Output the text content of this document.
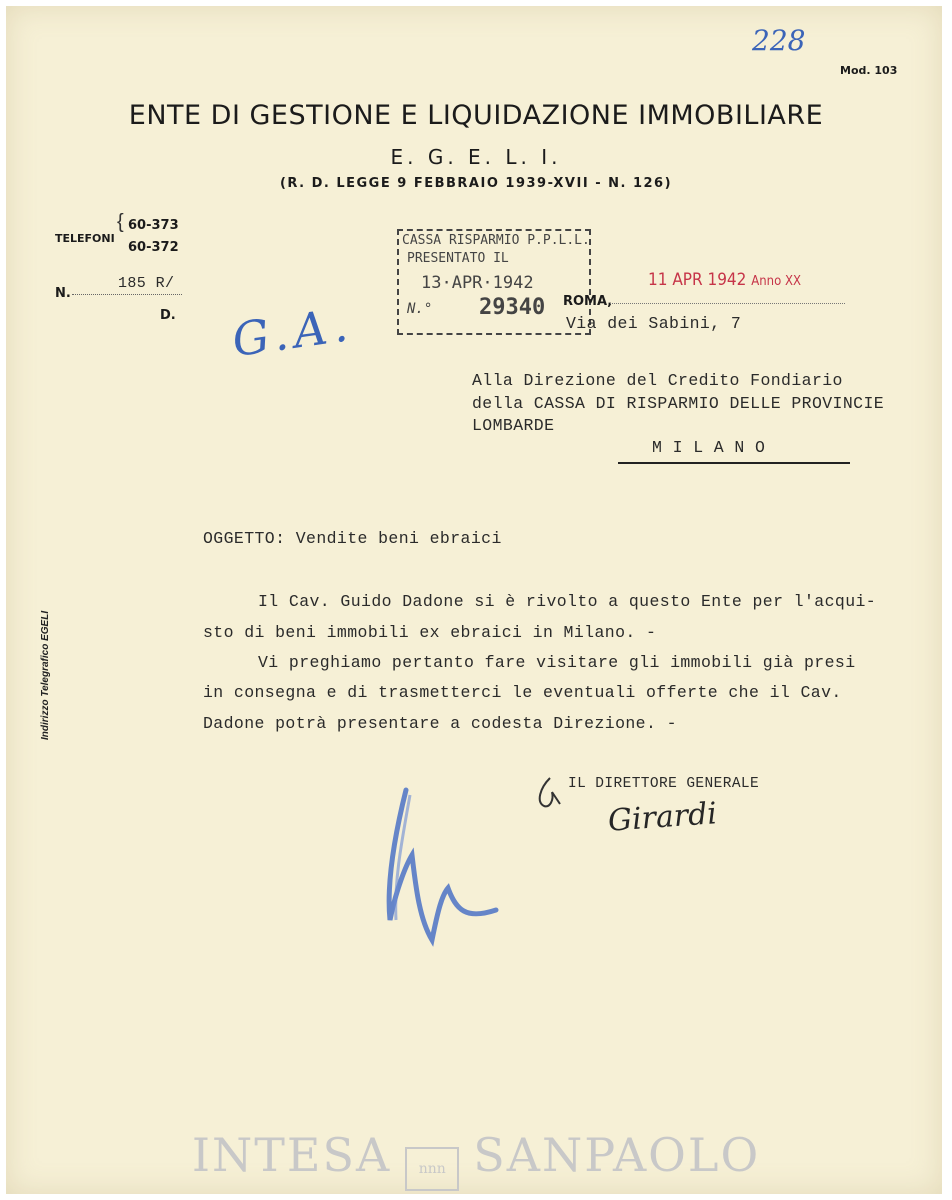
228
Mod. 103
ENTE DI GESTIONE E LIQUIDAZIONE IMMOBILIARE
E. G. E. L. I.
(R. D. LEGGE 9 FEBBRAIO 1939-XVII - N. 126)
TELEFONI
{ 60-373
60-372
N.
185 R/
D.
CASSA RISPARMIO P.P.L.L.
PRESENTATO IL
13·APR·1942
N.° 29340
11 APR 1942 Anno XX
ROMA,
Via dei Sabini, 7
G.A.
Alla Direzione del Credito Fondiario
della CASSA DI RISPARMIO DELLE PROVINCIE
LOMBARDE
M I L A N O
OGGETTO: Vendite beni ebraici
Il Cav. Guido Dadone si è rivolto a questo Ente per l'acqui-
sto di beni immobili ex ebraici in Milano. -
Vi preghiamo pertanto fare visitare gli immobili già presi
in consegna e di trasmetterci le eventuali offerte che il Cav.
Dadone potrà presentare a codesta Direzione. -
IL DIRETTORE GENERALE
Girardi
Indirizzo Telegrafico EGELI
INTESA nnn SANPAOLO
